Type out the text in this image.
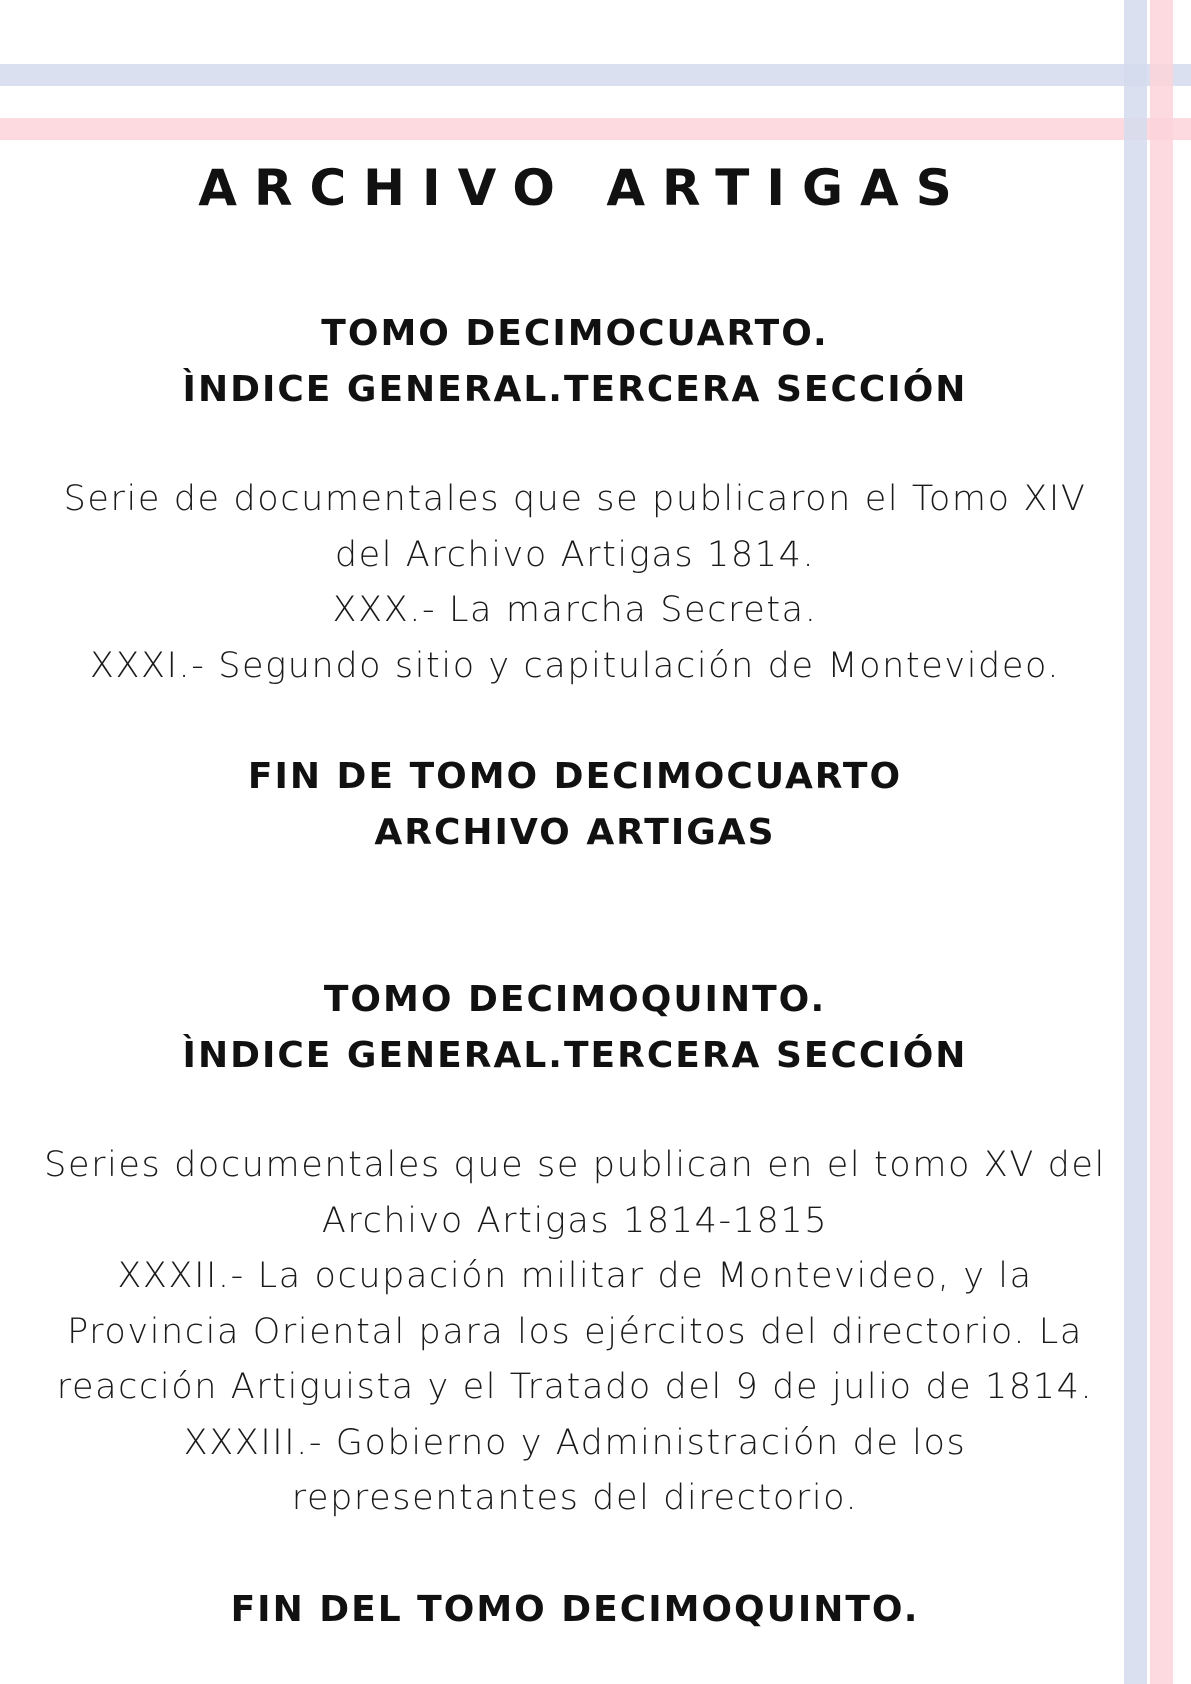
ARCHIVO ARTIGAS
TOMO DECIMOCUARTO.
ÌNDICE GENERAL.TERCERA SECCIÓN
Serie de documentales que se publicaron el Tomo XIV
del Archivo Artigas 1814.
XXX.- La marcha Secreta.
XXXI.- Segundo sitio y capitulación de Montevideo.
FIN DE TOMO DECIMOCUARTO
ARCHIVO ARTIGAS
TOMO DECIMOQUINTO.
ÌNDICE GENERAL.TERCERA SECCIÓN
Series documentales que se publican en el tomo XV del
Archivo Artigas 1814-1815
XXXII.- La ocupación militar de Montevideo, y la
Provincia Oriental para los ejércitos del directorio. La
reacción Artiguista y el Tratado del 9 de julio de 1814.
XXXIII.- Gobierno y Administración de los
representantes del directorio.
FIN DEL TOMO DECIMOQUINTO.
